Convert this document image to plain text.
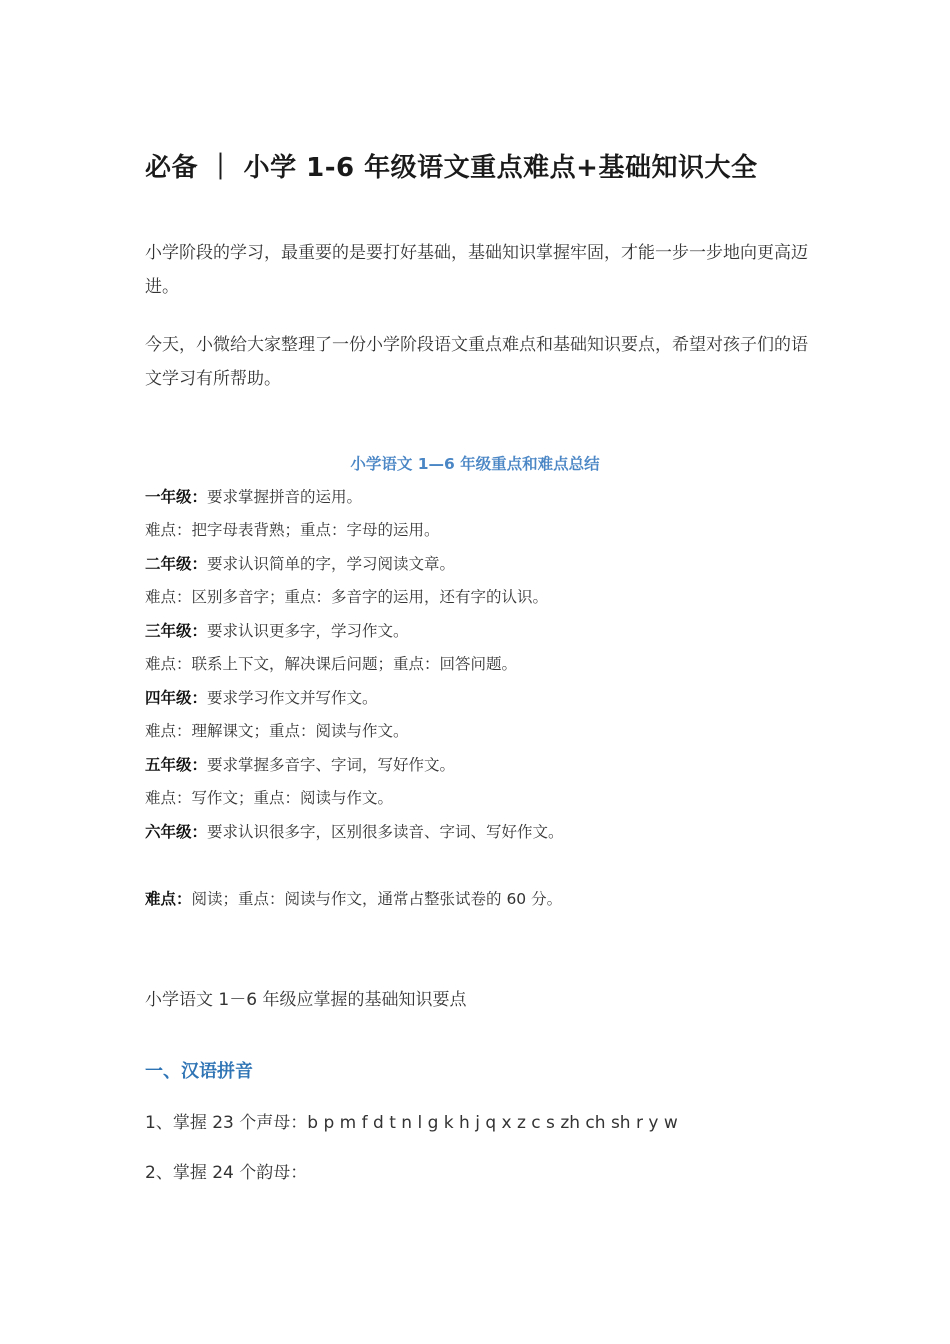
必备 ｜ 小学 1-6 年级语文重点难点+基础知识大全
小学阶段的学习，最重要的是要打好基础，基础知识掌握牢固，才能一步一步地向更高迈进。
今天，小微给大家整理了一份小学阶段语文重点难点和基础知识要点，希望对孩子们的语文学习有所帮助。
小学语文 1—6 年级重点和难点总结
一年级：要求掌握拼音的运用。
难点：把字母表背熟；重点：字母的运用。
二年级：要求认识简单的字，学习阅读文章。
难点：区别多音字；重点：多音字的运用，还有字的认识。
三年级：要求认识更多字，学习作文。
难点：联系上下文，解决课后问题；重点：回答问题。
四年级：要求学习作文并写作文。
难点：理解课文；重点：阅读与作文。
五年级：要求掌握多音字、字词，写好作文。
难点：写作文；重点：阅读与作文。
六年级：要求认识很多字，区别很多读音、字词、写好作文。
难点：阅读；重点：阅读与作文，通常占整张试卷的 60 分。
小学语文 1－6 年级应掌握的基础知识要点
一、汉语拼音
1、掌握 23 个声母：b p m f d t n l g k h j q x z c s zh ch sh r y w
2、掌握 24 个韵母：
